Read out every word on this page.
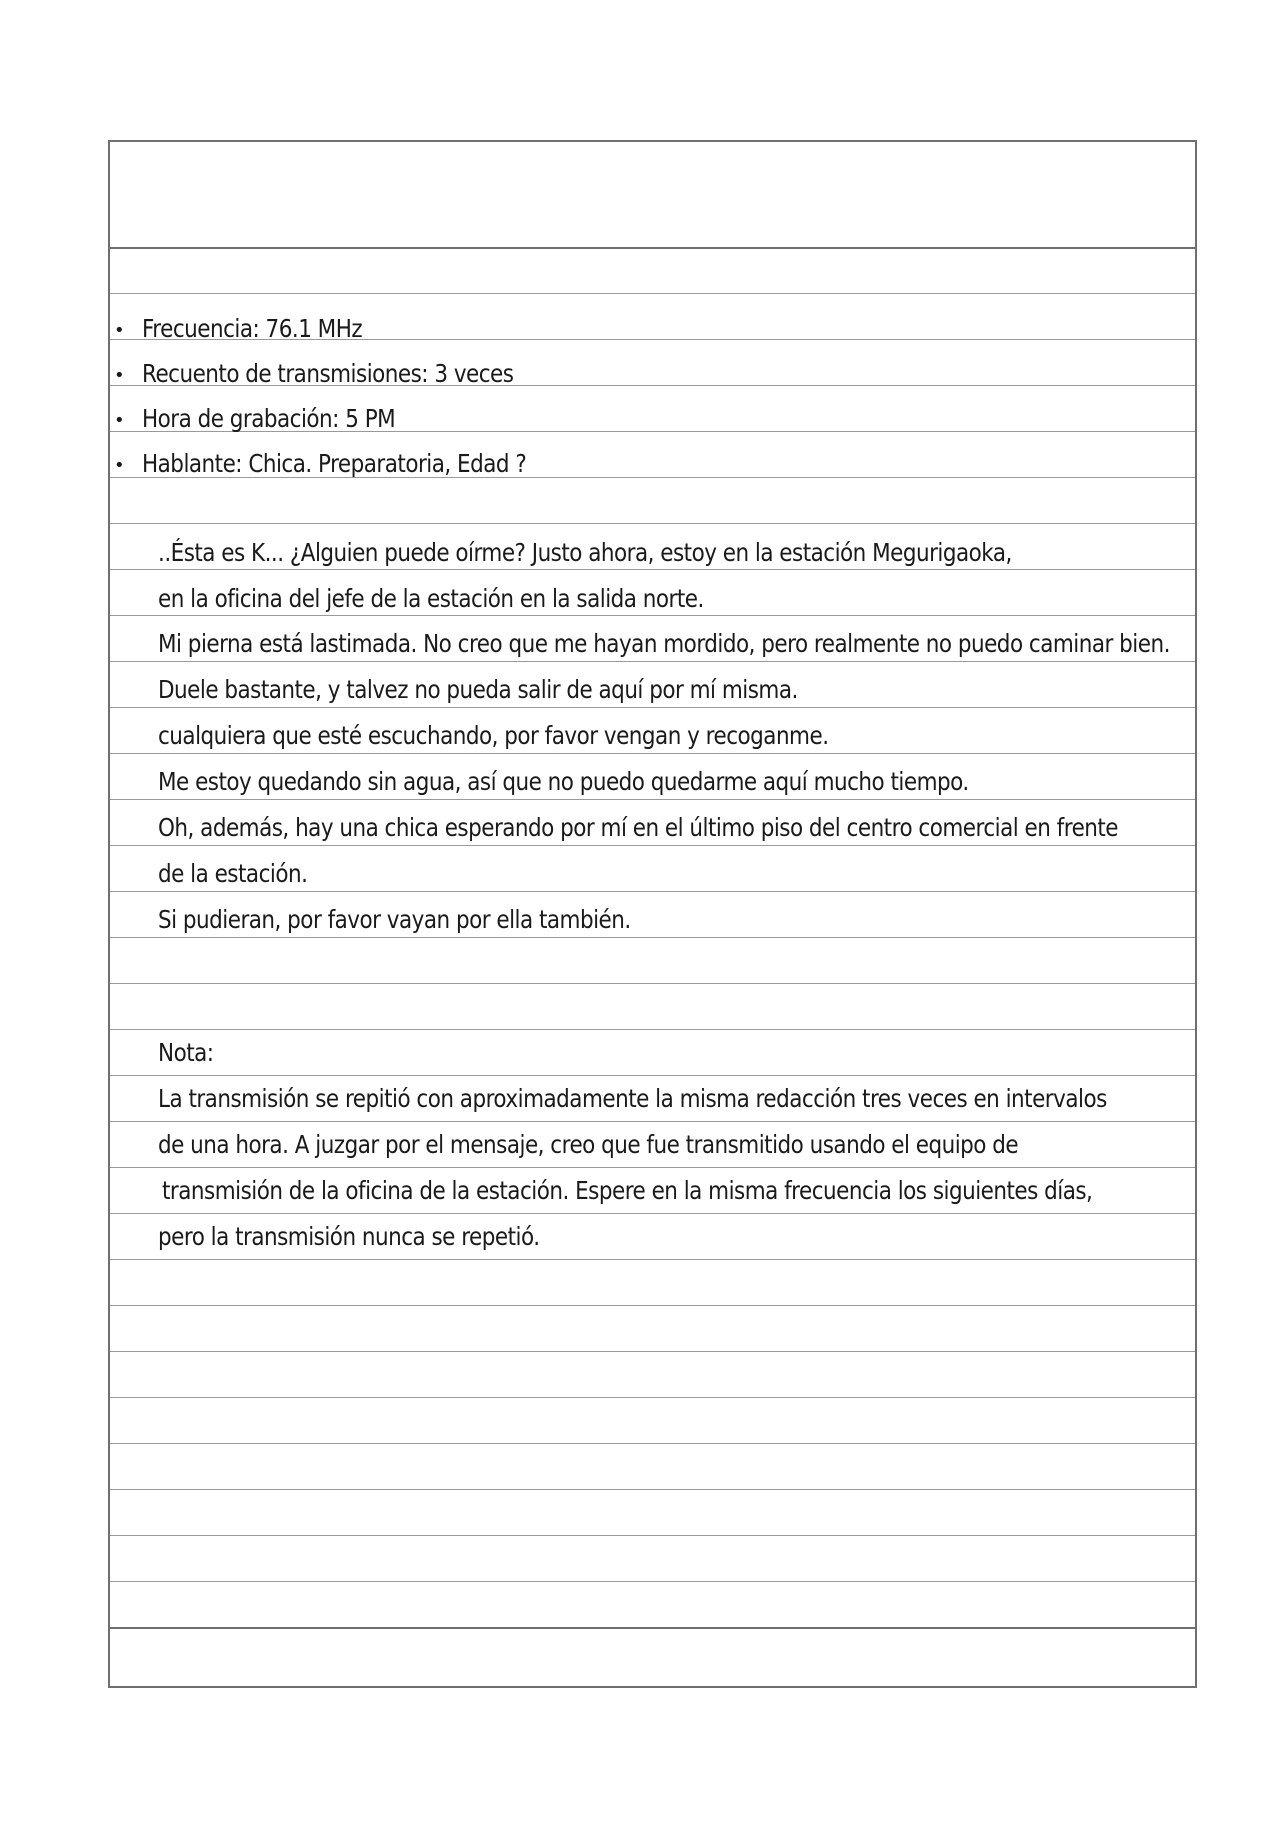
• Frecuencia: 76.1 MHz
• Recuento de transmisiones: 3 veces
• Hora de grabación: 5 PM
• Hablante: Chica. Preparatoria, Edad ?
..Ésta es K... ¿Alguien puede oírme? Justo ahora, estoy en la estación Megurigaoka,
en la oficina del jefe de la estación en la salida norte.
Mi pierna está lastimada. No creo que me hayan mordido, pero realmente no puedo caminar bien.
Duele bastante, y talvez no pueda salir de aquí por mí misma.
cualquiera que esté escuchando, por favor vengan y recoganme.
Me estoy quedando sin agua, así que no puedo quedarme aquí mucho tiempo.
Oh, además, hay una chica esperando por mí en el último piso del centro comercial en frente
de la estación.
Si pudieran, por favor vayan por ella también.
Nota:
La transmisión se repitió con aproximadamente la misma redacción tres veces en intervalos
de una hora. A juzgar por el mensaje, creo que fue transmitido usando el equipo de
transmisión de la oficina de la estación. Espere en la misma frecuencia los siguientes días,
pero la transmisión nunca se repetió.
